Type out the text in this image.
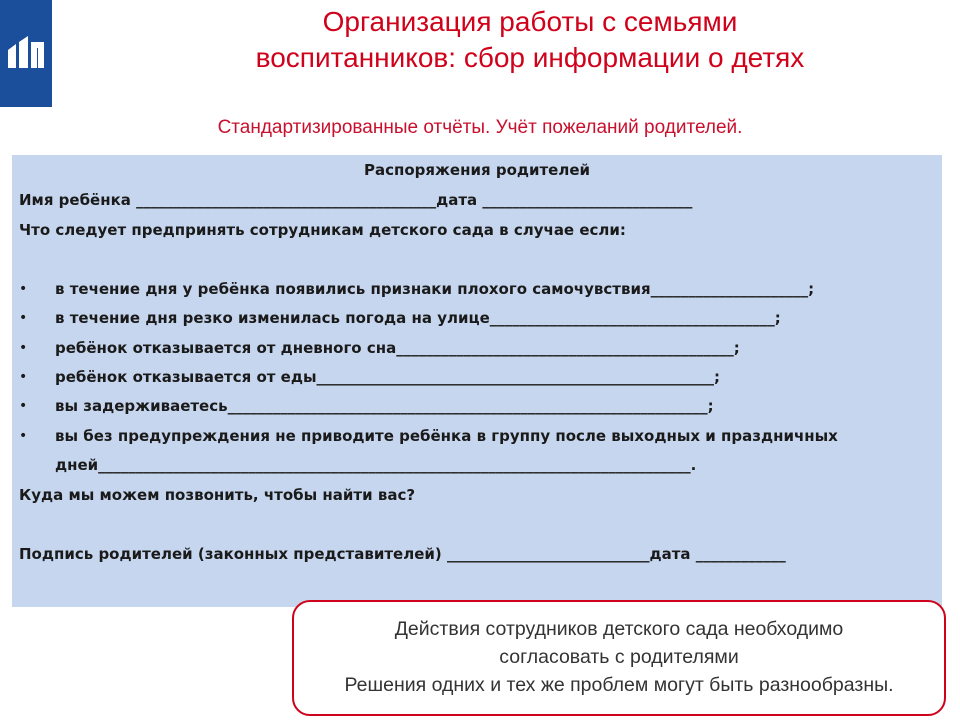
Организация работы с семьями
воспитанников: сбор информации о детях
Стандартизированные отчёты. Учёт пожеланий родителей.
Распоряжения родителей
Имя ребёнка ________________________________________дата ____________________________
Что следует предпринять сотрудникам детского сада в случае если:
• в течение дня у ребёнка появились признаки плохого самочувствия_____________________;
• в течение дня резко изменилась погода на улице______________________________________;
• ребёнок отказывается от дневного сна_____________________________________________;
• ребёнок отказывается от еды_____________________________________________________;
• вы задерживаетесь________________________________________________________________;
• вы без предупреждения не приводите ребёнка в группу после выходных и праздничных
дней_______________________________________________________________________________.
Куда мы можем позвонить, чтобы найти вас?
Подпись родителей (законных представителей) ___________________________дата ____________
Действия сотрудников детского сада необходимо
согласовать с родителями
Решения одних и тех же проблем могут быть разнообразны.
